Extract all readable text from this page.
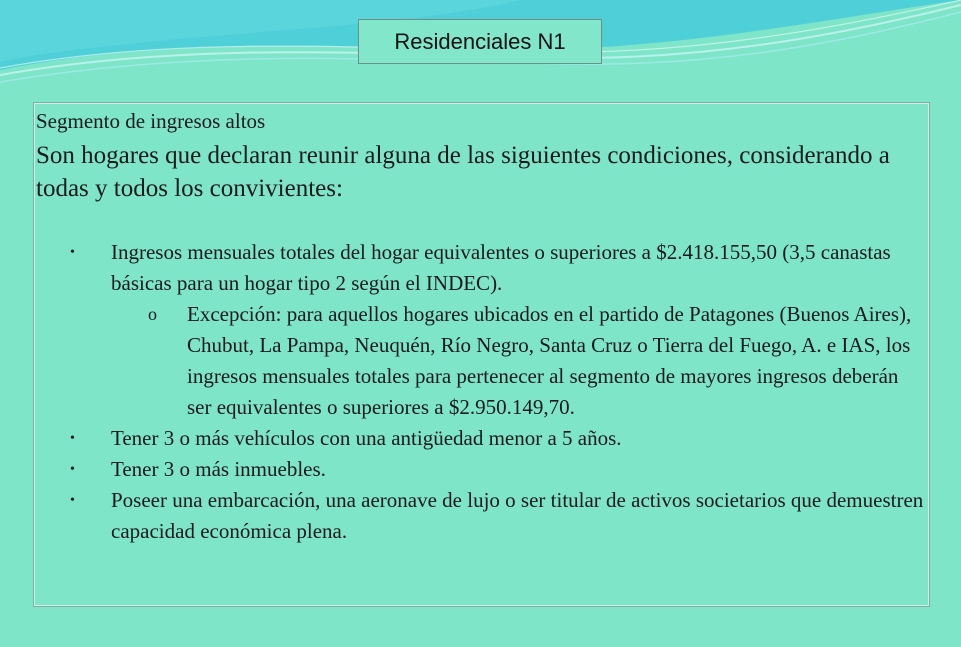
Residenciales N1
Segmento de ingresos altos
Son hogares que declaran reunir alguna de las siguientes condiciones, considerando a todas y todos los convivientes:
• Ingresos mensuales totales del hogar equivalentes o superiores a $2.418.155,50 (3,5 canastas básicas para un hogar tipo 2 según el INDEC).
o Excepción: para aquellos hogares ubicados en el partido de Patagones (Buenos Aires), Chubut, La Pampa, Neuquén, Río Negro, Santa Cruz o Tierra del Fuego, A. e IAS, los ingresos mensuales totales para pertenecer al segmento de mayores ingresos deberán ser equivalentes o superiores a $2.950.149,70.
• Tener 3 o más vehículos con una antigüedad menor a 5 años.
• Tener 3 o más inmuebles.
• Poseer una embarcación, una aeronave de lujo o ser titular de activos societarios que demuestren capacidad económica plena.
